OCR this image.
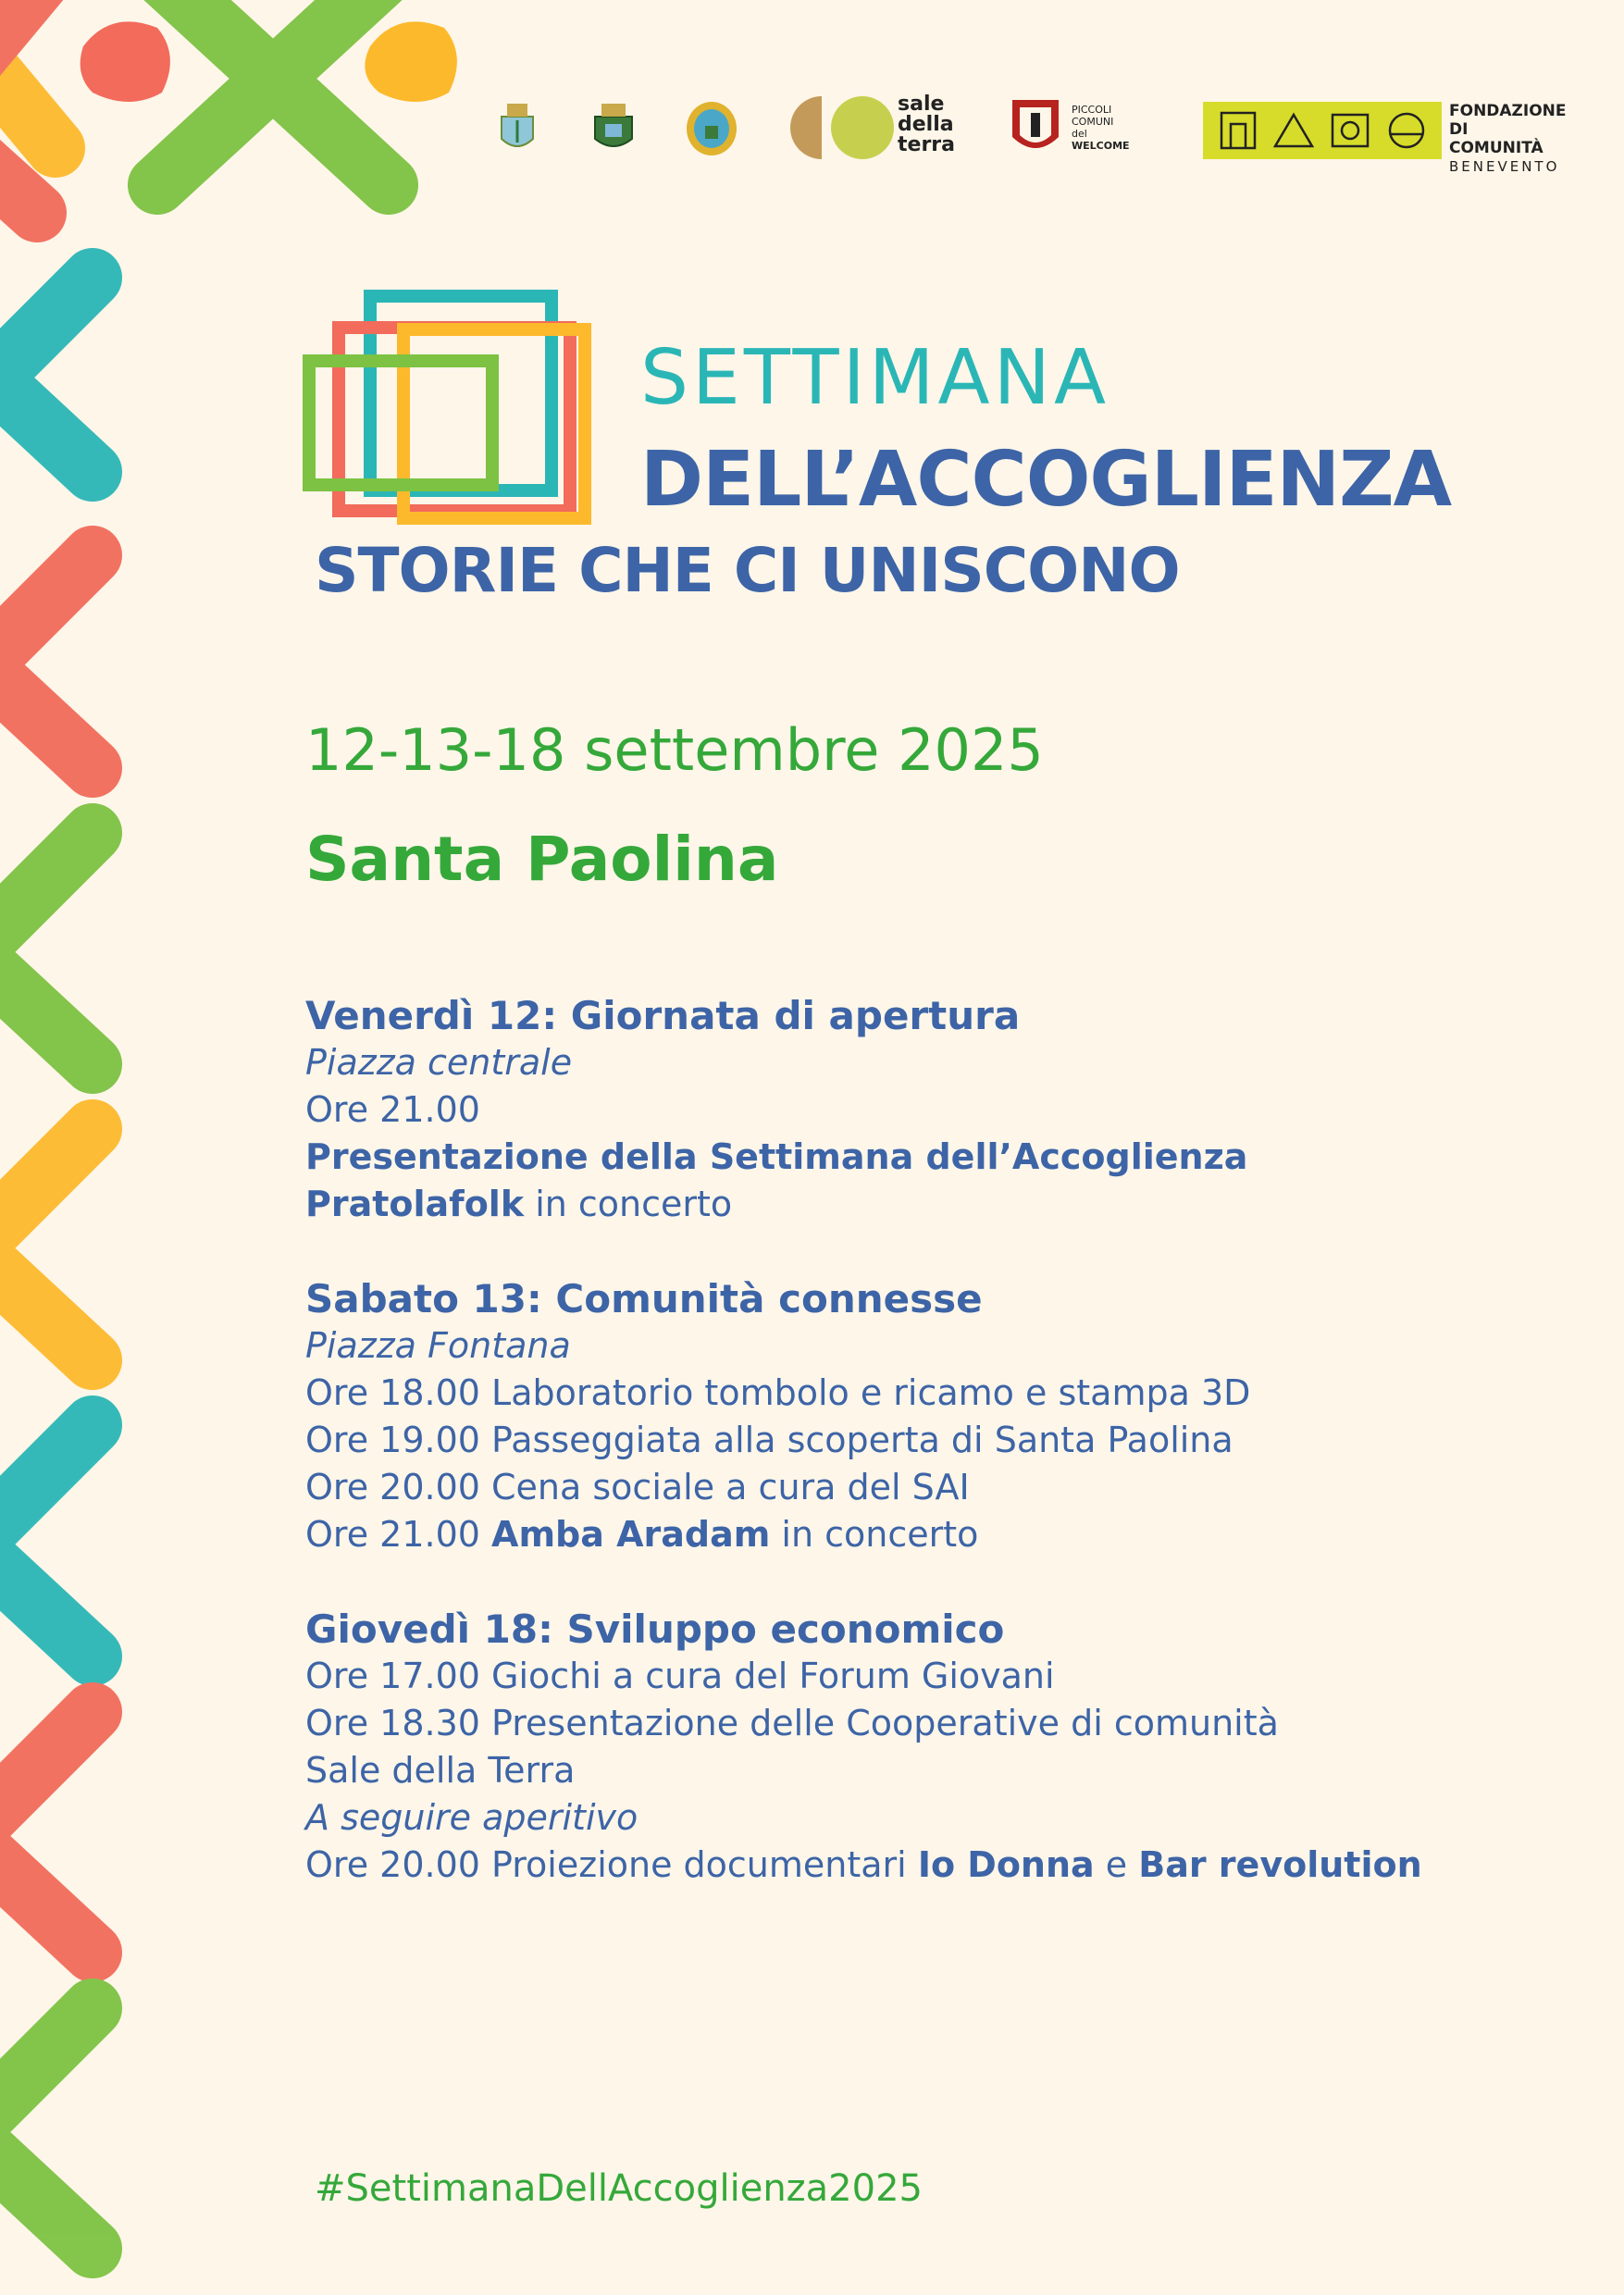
sale
della
terra
PICCOLI
COMUNI del
WELCOME
FONDAZIONE
DI COMUNITÀ
BENEVENTO
SETTIMANA
DELL’ACCOGLIENZA
STORIE CHE CI UNISCONO
12-13-18 settembre 2025
Santa Paolina
Venerdì 12: Giornata di apertura
Piazza centrale
Ore 21.00
Presentazione della Settimana dell’Accoglienza
Pratolafolk in concerto
Sabato 13: Comunità connesse
Piazza Fontana
Ore 18.00 Laboratorio tombolo e ricamo e stampa 3D
Ore 19.00 Passeggiata alla scoperta di Santa Paolina
Ore 20.00 Cena sociale a cura del SAI
Ore 21.00 Amba Aradam in concerto
Giovedì 18: Sviluppo economico
Ore 17.00 Giochi a cura del Forum Giovani
Ore 18.30 Presentazione delle Cooperative di comunità
Sale della Terra
A seguire aperitivo
Ore 20.00 Proiezione documentari Io Donna e Bar revolution

#SettimanaDellAccoglienza2025
